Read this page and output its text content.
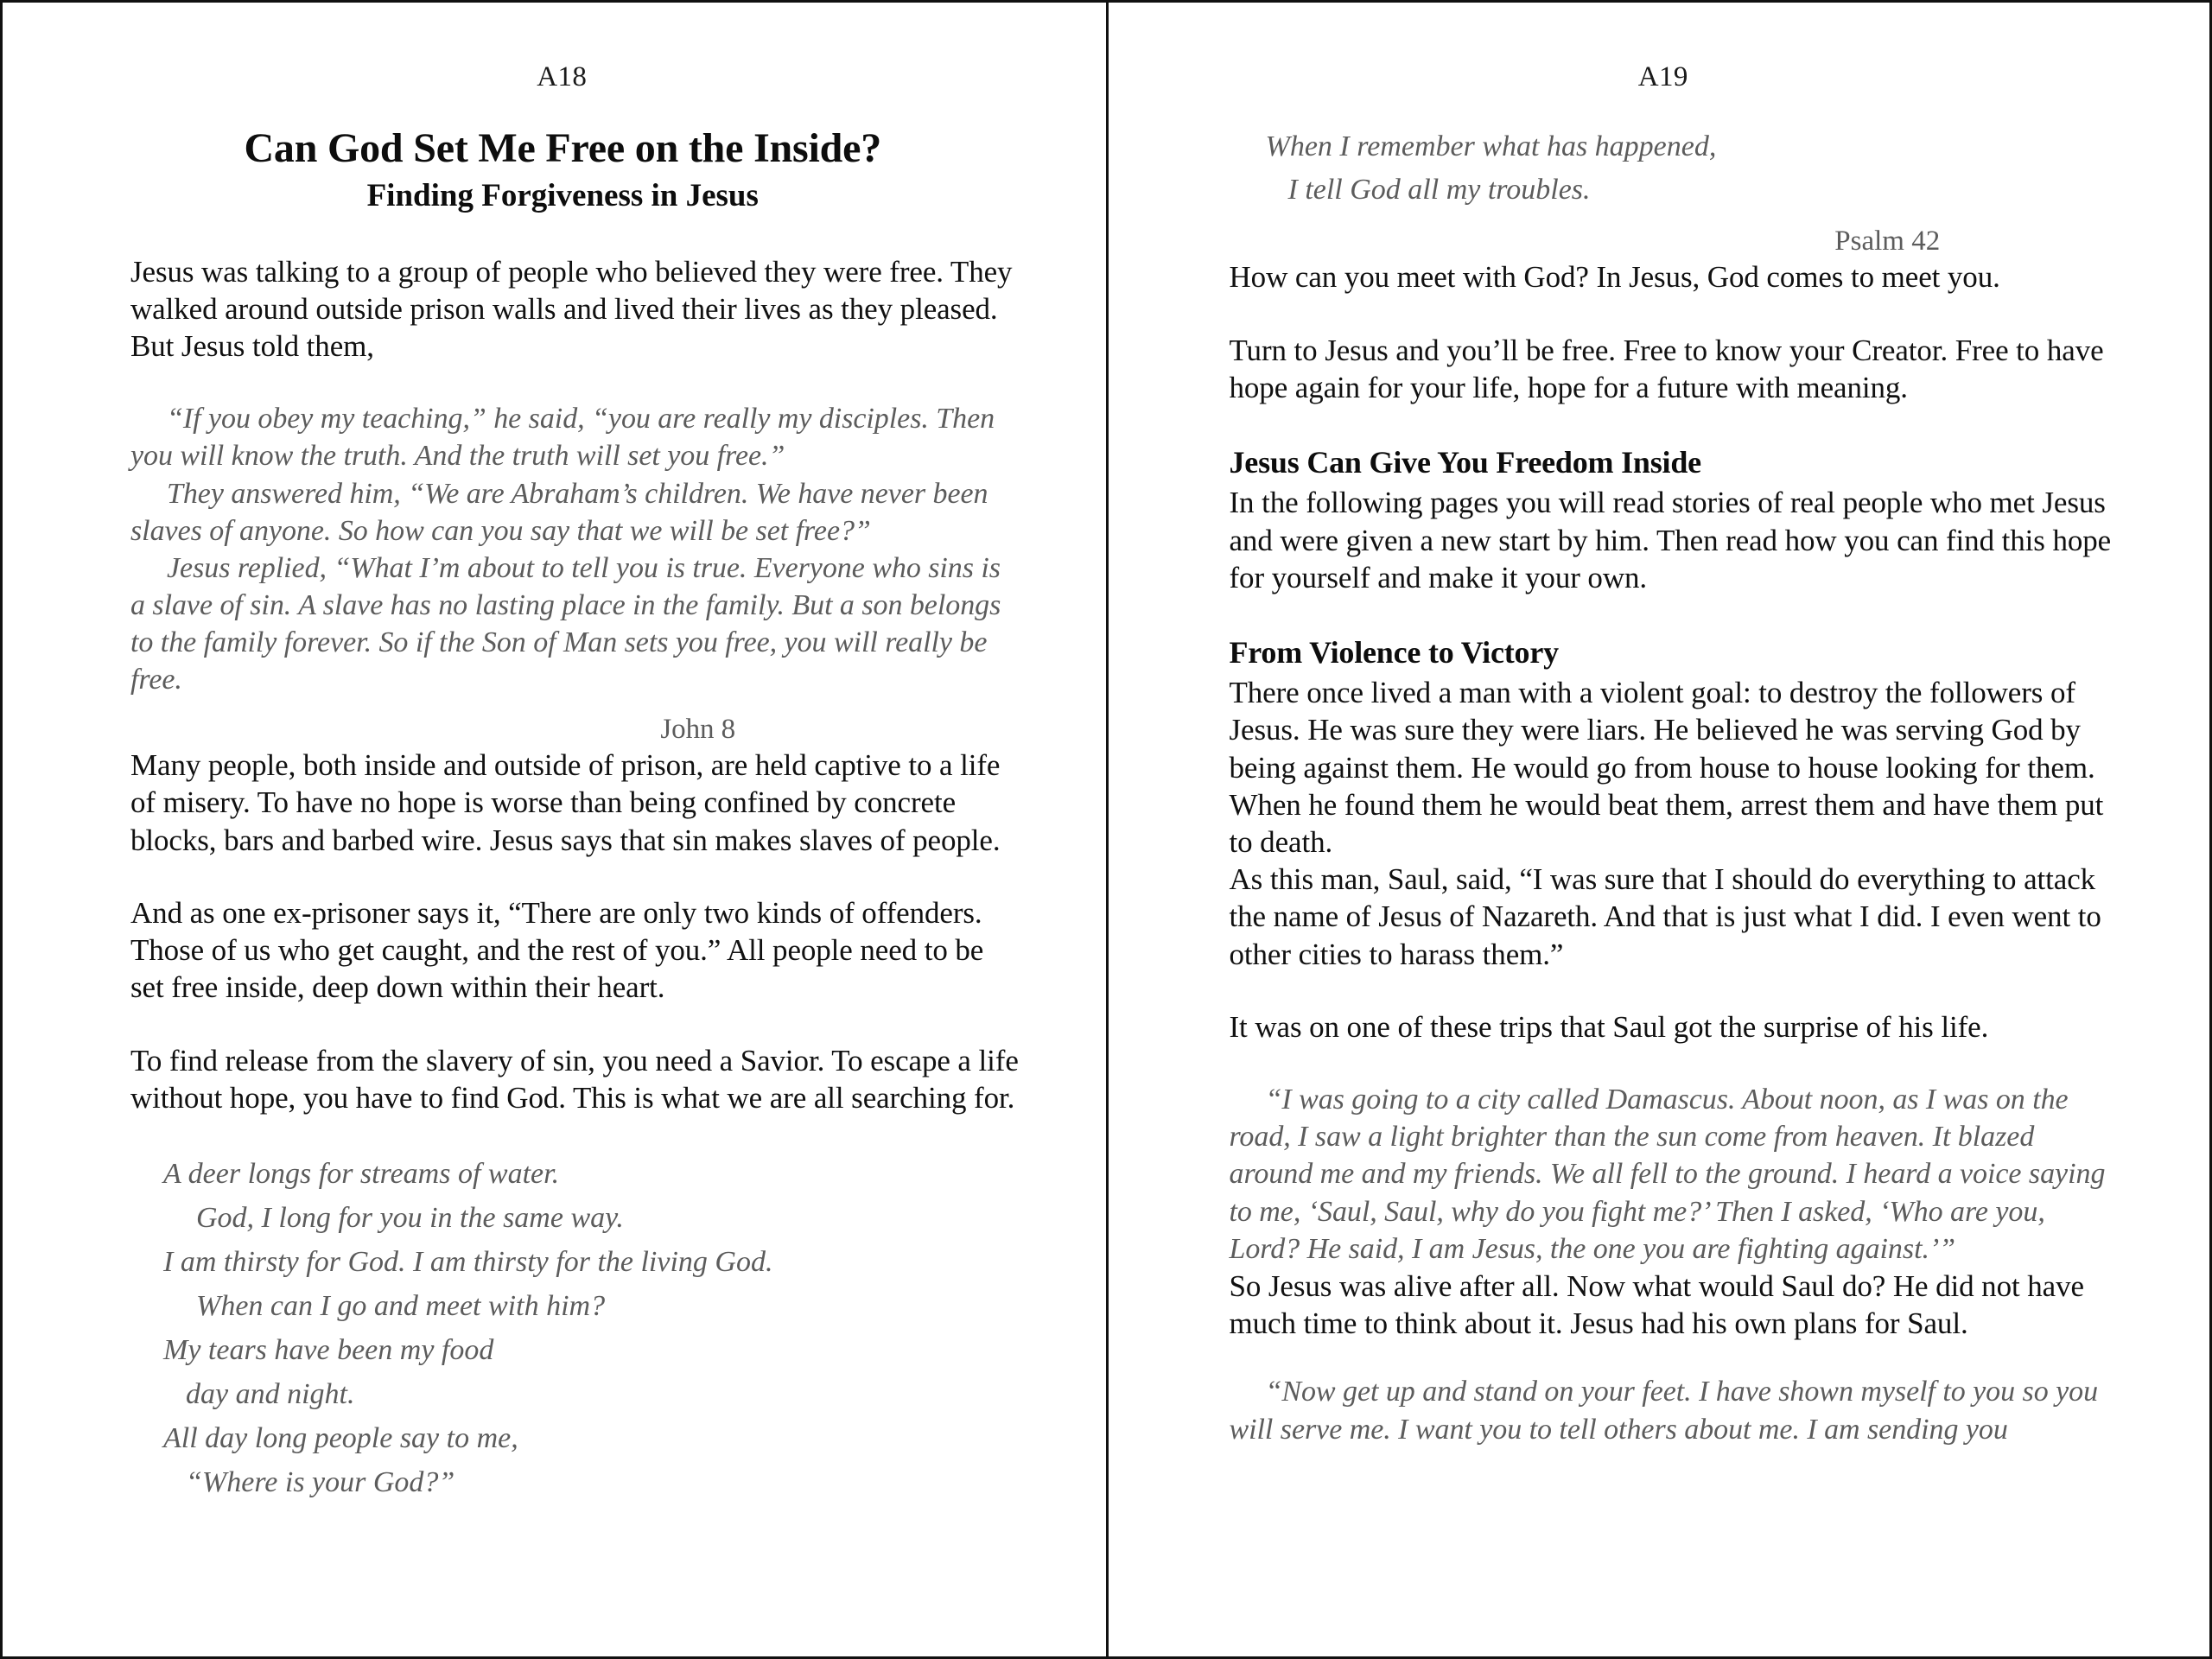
A18
Can God Set Me Free on the Inside?
Finding Forgiveness in Jesus

Jesus was talking to a group of people who believed they were free. They walked around outside prison walls and lived their lives as they pleased. But Jesus told them,

“If you obey my teaching,” he said, “you are really my disciples. Then you will know the truth. And the truth will set you free.”

They answered him, “We are Abraham’s children. We have never been slaves of anyone. So how can you say that we will be set free?”

Jesus replied, “What I’m about to tell you is true. Everyone who sins is a slave of sin. A slave has no lasting place in the family. But a son belongs to the family forever. So if the Son of Man sets you free, you will really be free.

John 8

Many people, both inside and outside of prison, are held captive to a life of misery. To have no hope is worse than being confined by concrete blocks, bars and barbed wire. Jesus says that sin makes slaves of people.

And as one ex-prisoner says it, “There are only two kinds of offenders. Those of us who get caught, and the rest of you.” All people need to be set free inside, deep down within their heart.

To find release from the slavery of sin, you need a Savior. To escape a life without hope, you have to find God. This is what we are all searching for.

A deer longs for streams of water.
God, I long for you in the same way.
I am thirsty for God. I am thirsty for the living God.
When can I go and meet with him?
My tears have been my food
day and night.
All day long people say to me,
“Where is your God?”
A19
When I remember what has happened,
I tell God all my troubles.
Psalm 42

How can you meet with God? In Jesus, God comes to meet you.

Turn to Jesus and you’ll be free. Free to know your Creator. Free to have hope again for your life, hope for a future with meaning.

Jesus Can Give You Freedom Inside

In the following pages you will read stories of real people who met Jesus and were given a new start by him. Then read how you can find this hope for yourself and make it your own.

From Violence to Victory

There once lived a man with a violent goal: to destroy the followers of Jesus. He was sure they were liars. He believed he was serving God by being against them. He would go from house to house looking for them. When he found them he would beat them, arrest them and have them put to death.

As this man, Saul, said, “I was sure that I should do everything to attack the name of Jesus of Nazareth. And that is just what I did. I even went to other cities to harass them.”

It was on one of these trips that Saul got the surprise of his life.

“I was going to a city called Damascus. About noon, as I was on the road, I saw a light brighter than the sun come from heaven. It blazed around me and my friends. We all fell to the ground. I heard a voice saying to me, ‘Saul, Saul, why do you fight me?’ Then I asked, ‘Who are you, Lord? He said, I am Jesus, the one you are fighting against.’”

So Jesus was alive after all. Now what would Saul do? He did not have much time to think about it. Jesus had his own plans for Saul.

“Now get up and stand on your feet. I have shown myself to you so you will serve me. I want you to tell others about me. I am sending you
